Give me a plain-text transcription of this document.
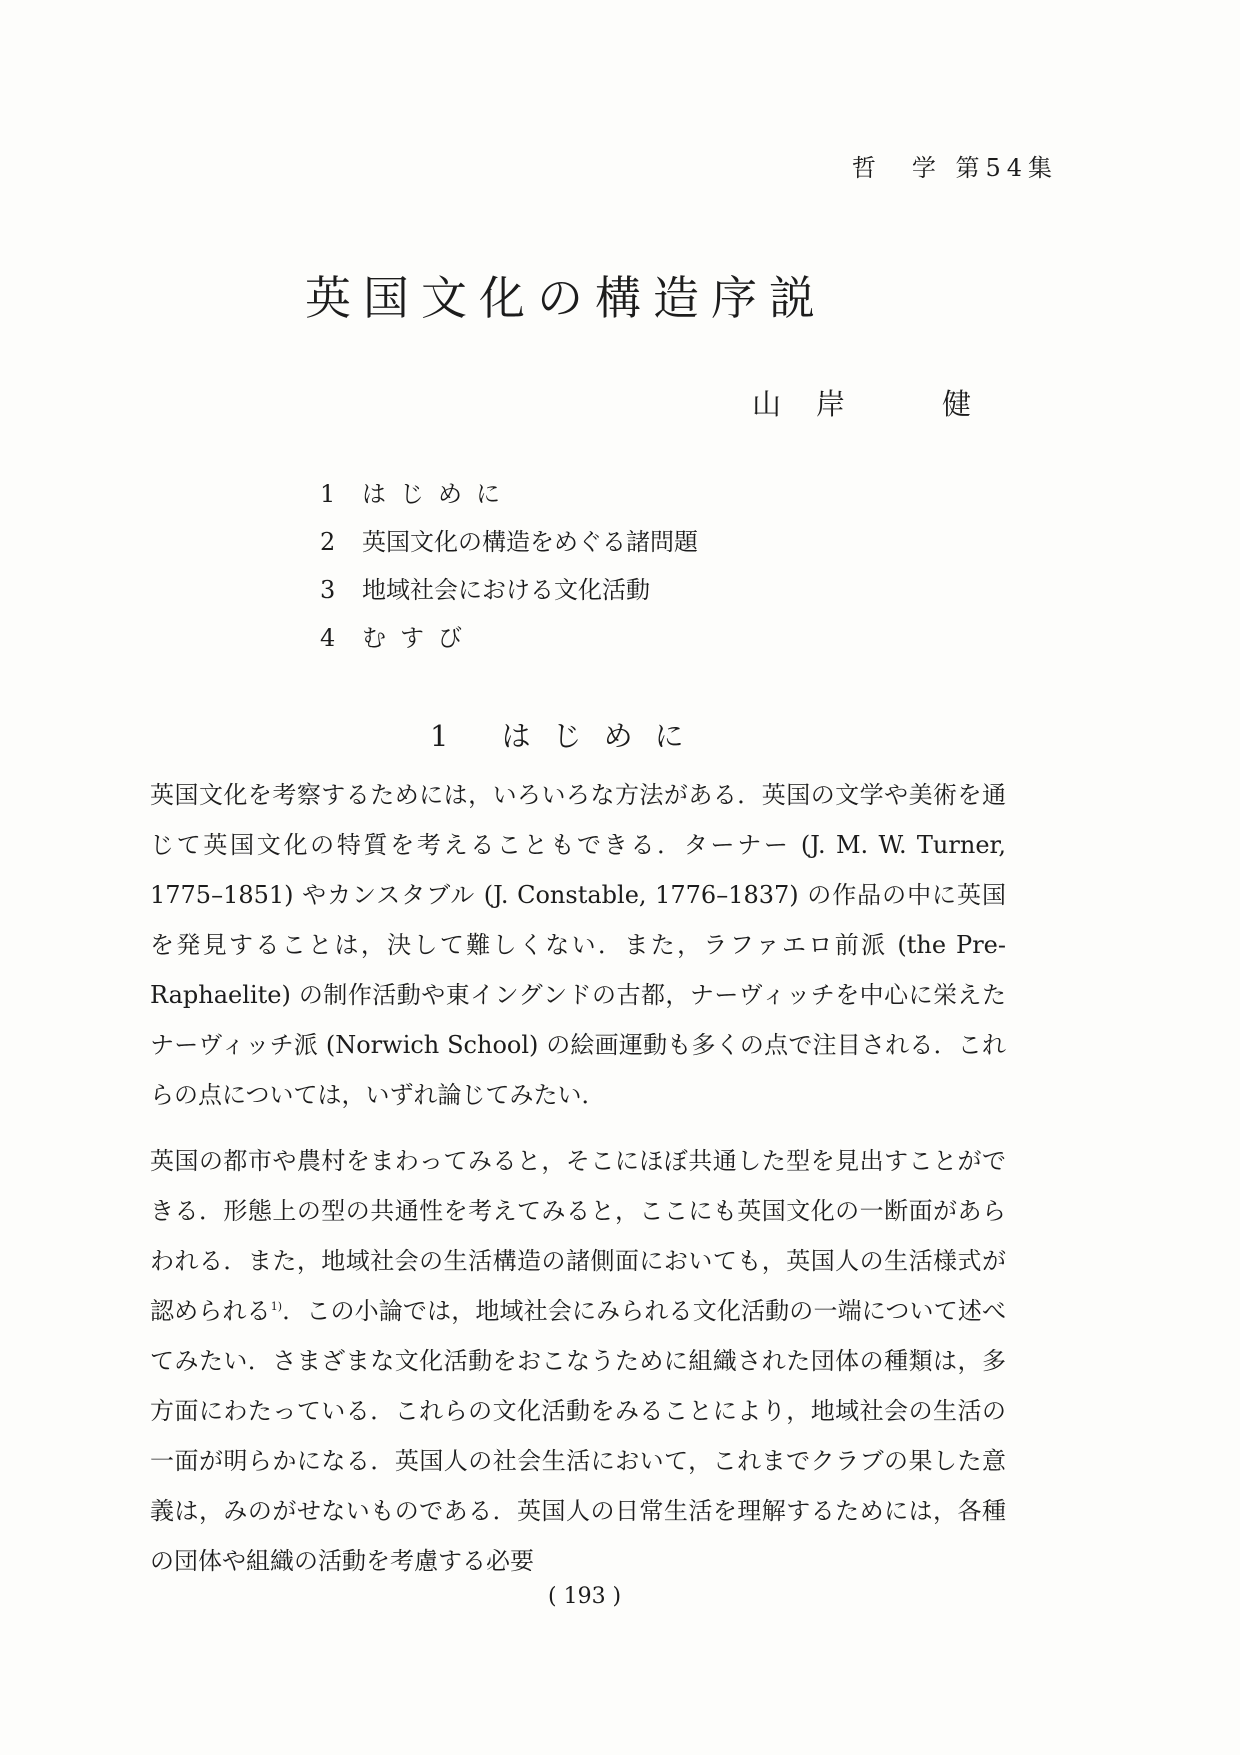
哲　学 第54集
英国文化の構造序説
山 岸	健
1 はじめに
2 英国文化の構造をめぐる諸問題
3 地域社会における文化活動
4 むすび
1 はじめに

英国文化を考察するためには，いろいろな方法がある．英国の文学や美術を通じて英国文化の特質を考えることもできる．ターナー (J. M. W. Turner, 1775–1851) やカンスタブル (J. Constable, 1776–1837) の作品の中に英国を発見することは，決して難しくない．また，ラファエロ前派 (the Pre-Raphaelite) の制作活動や東イングンドの古都，ナーヴィッチを中心に栄えたナーヴィッチ派 (Norwich School) の絵画運動も多くの点で注目される．これらの点については，いずれ論じてみたい．

英国の都市や農村をまわってみると，そこにほぼ共通した型を見出すことができる．形態上の型の共通性を考えてみると，ここにも英国文化の一断面があらわれる．また，地域社会の生活構造の諸側面においても，英国人の生活様式が認められる$^{1)}$．この小論では，地域社会にみられる文化活動の一端について述べてみたい．さまざまな文化活動をおこなうために組織された団体の種類は，多方面にわたっている．これらの文化活動をみることにより，地域社会の生活の一面が明らかになる．英国人の社会生活において，これまでクラブの果した意義は，みのがせないものである．英国人の日常生活を理解するためには，各種の団体や組織の活動を考慮する必要

( 193 )
